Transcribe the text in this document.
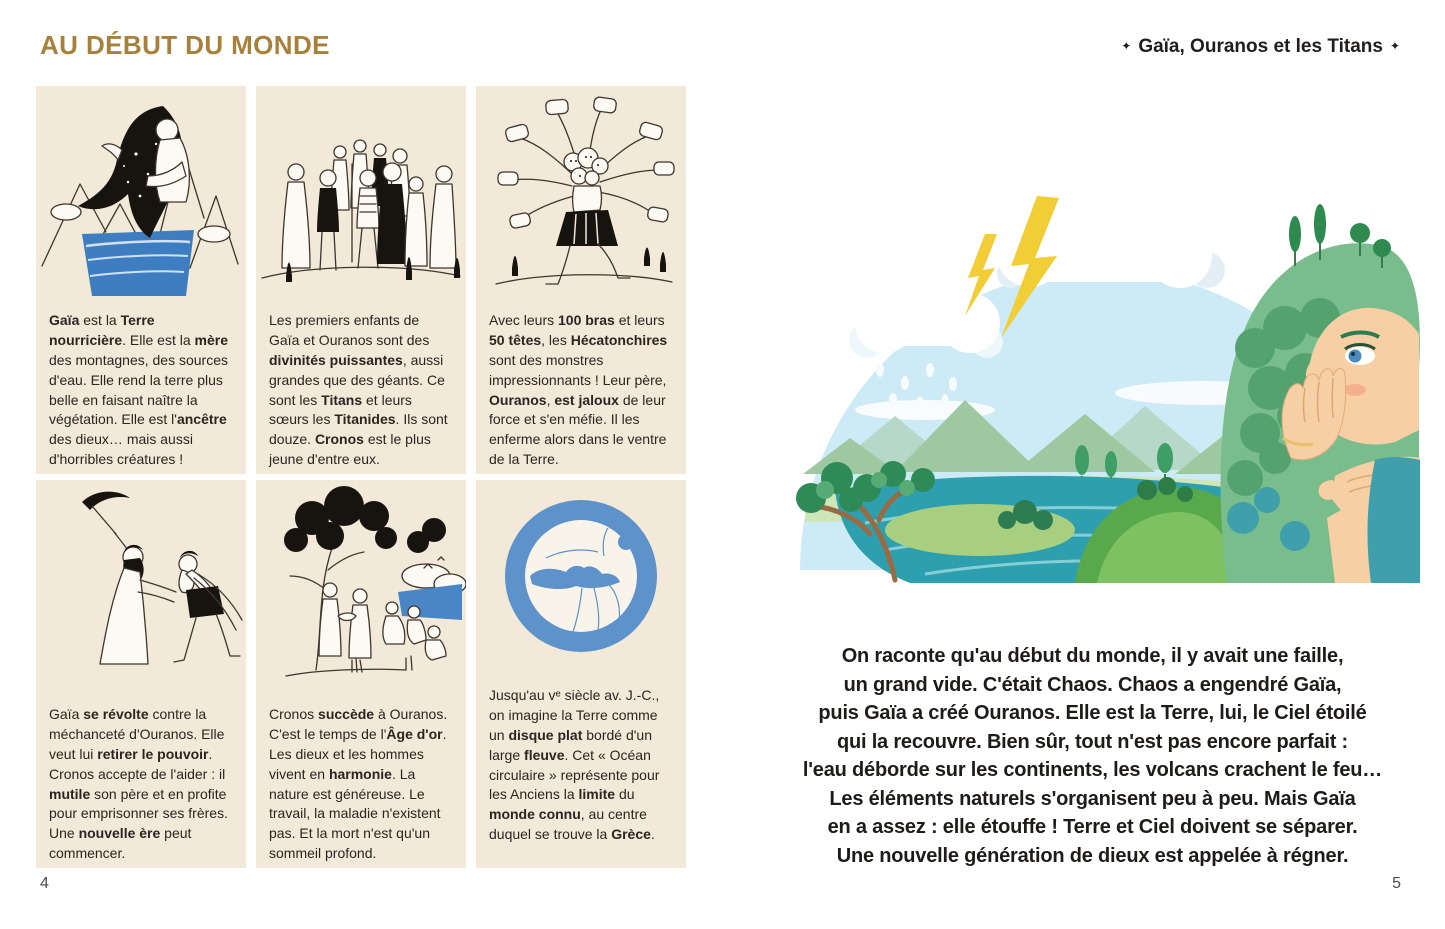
AU DÉBUT DU MONDE

Gaïa est la Terre nourricière. Elle est la mère des montagnes, des sources d'eau. Elle rend la terre plus belle en faisant naître la végétation. Elle est l'ancêtre des dieux… mais aussi d'horribles créatures !

Les premiers enfants de Gaïa et Ouranos sont des divinités puissantes, aussi grandes que des géants. Ce sont les Titans et leurs sœurs les Titanides. Ils sont douze. Cronos est le plus jeune d'entre eux.

Avec leurs 100 bras et leurs 50 têtes, les Hécatonchires sont des monstres impressionnants ! Leur père, Ouranos, est jaloux de leur force et s'en méfie. Il les enferme alors dans le ventre de la Terre.

Gaïa se révolte contre la méchanceté d'Ouranos. Elle veut lui retirer le pouvoir. Cronos accepte de l'aider : il mutile son père et en profite pour emprisonner ses frères. Une nouvelle ère peut commencer.

Cronos succède à Ouranos. C'est le temps de l'Âge d'or. Les dieux et les hommes vivent en harmonie. La nature est généreuse. Le travail, la maladie n'existent pas. Et la mort n'est qu'un sommeil profond.

Jusqu'au vᵉ siècle av. J.-C., on imagine la Terre comme un disque plat bordé d'un large fleuve. Cet « Océan circulaire » représente pour les Anciens la limite du monde connu, au centre duquel se trouve la Grèce.

4
✦ Gaïa, Ouranos et les Titans ✦
On raconte qu'au début du monde, il y avait une faille,
un grand vide. C'était Chaos. Chaos a engendré Gaïa,
puis Gaïa a créé Ouranos. Elle est la Terre, lui, le Ciel étoilé
qui la recouvre. Bien sûr, tout n'est pas encore parfait :
l'eau déborde sur les continents, les volcans crachent le feu…
Les éléments naturels s'organisent peu à peu. Mais Gaïa
en a assez : elle étouffe ! Terre et Ciel doivent se séparer.
Une nouvelle génération de dieux est appelée à régner.
5
